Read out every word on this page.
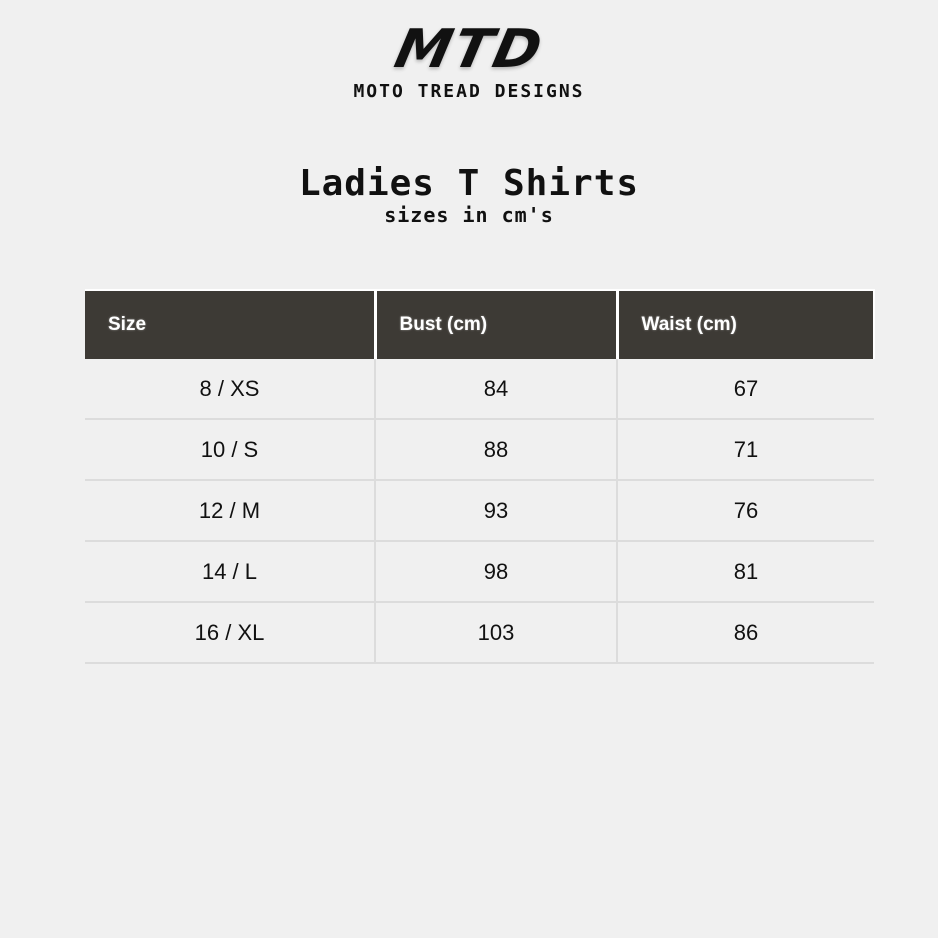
MTD
MOTO TREAD DESIGNS
Ladies T Shirts
sizes in cm's
Size	Bust (cm)	Waist (cm)
8 / XS	84	67
10 / S	88	71
12 / M	93	76
14 / L	98	81
16 / XL	103	86
